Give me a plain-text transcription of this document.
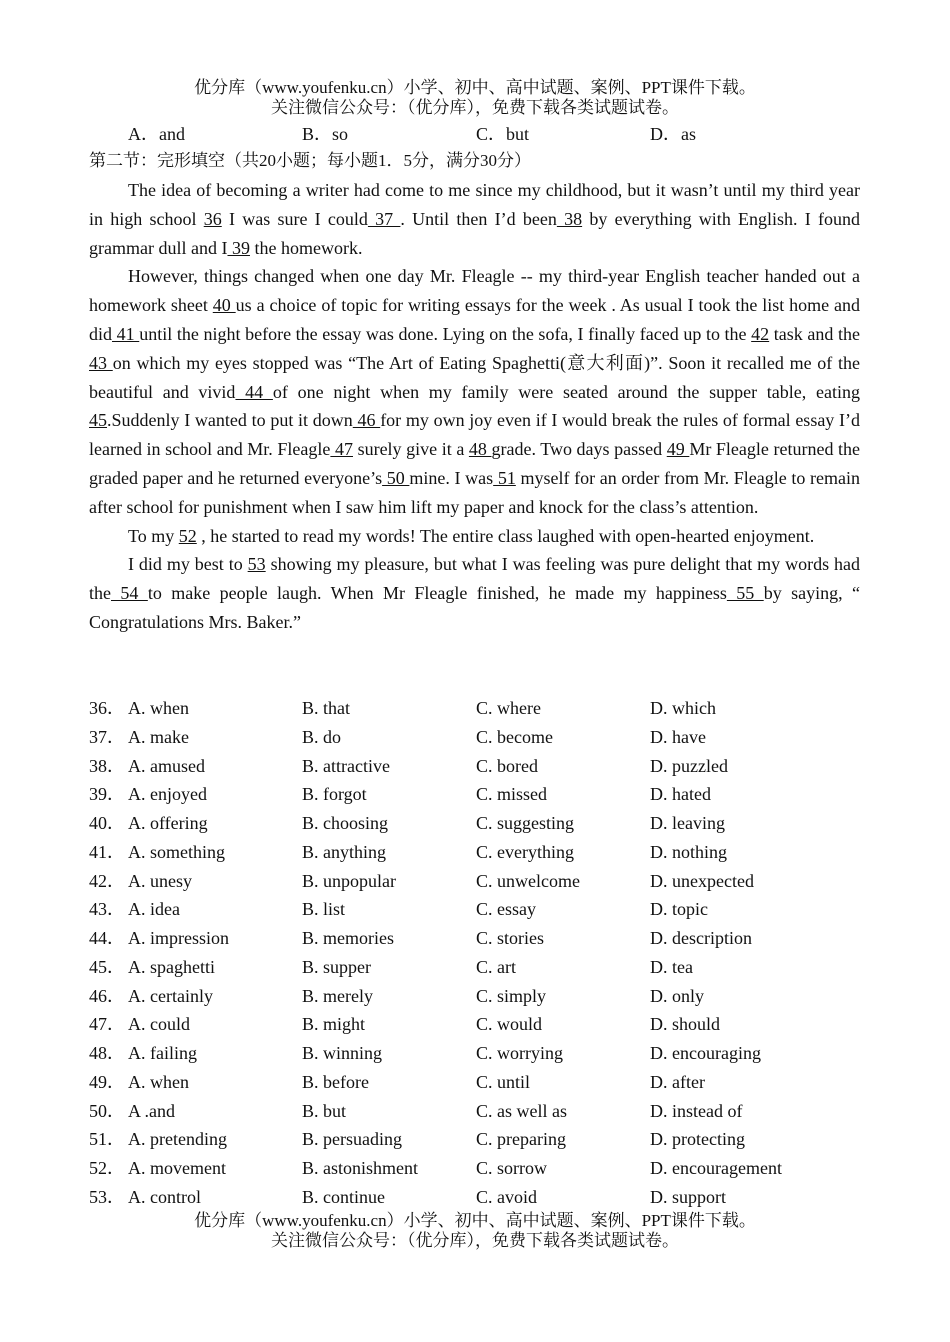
优分库（www.youfenku.cn）小学、初中、高中试题、案例、PPT课件下载。
关注微信公众号：（优分库），免费下载各类试题试卷。
A．and	B．so	C．but	D．as
第二节：完形填空（共20小题；每小题1．5分，满分30分）

The idea of becoming a writer had come to me since my childhood, but it wasn’t until my third year in high school 36 I was sure I could 37 . Until then I’d been 38 by everything with English. I found grammar dull and I 39 the homework.

However, things changed when one day Mr. Fleagle -- my third-year English teacher handed out a homework sheet 40 us a choice of topic for writing essays for the week . As usual I took the list home and did 41 until the night before the essay was done. Lying on the sofa, I finally faced up to the 42 task and the 43 on which my eyes stopped was “The Art of Eating Spaghetti(意大利面)”. Soon it recalled me of the beautiful and vivid 44 of one night when my family were seated around the supper table, eating 45.Suddenly I wanted to put it down 46 for my own joy even if I would break the rules of formal essay I’d learned in school and Mr. Fleagle 47 surely give it a 48 grade. Two days passed 49 Mr Fleagle returned the graded paper and he returned everyone’s 50 mine. I was 51 myself for an order from Mr. Fleagle to remain after school for punishment when I saw him lift my paper and knock for the class’s attention.

To my 52 , he started to read my words! The entire class laughed with open-hearted enjoyment.

I did my best to 53 showing my pleasure, but what I was feeling was pure delight that my words had the 54 to make people laugh. When Mr Fleagle finished, he made my happiness 55 by saying, “ Congratulations Mrs. Baker.”

36． A. when	B. that	C. where	D. which
37． A. make	B. do	C. become	D. have
38． A. amused	B. attractive	C. bored	D. puzzled
39． A. enjoyed	B. forgot	C. missed	D. hated
40． A. offering	B. choosing	C. suggesting	D. leaving
41． A. something	B. anything	C. everything	D. nothing
42． A. unesy	B. unpopular	C. unwelcome	D. unexpected
43． A. idea	B. list	C. essay	D. topic
44． A. impression	B. memories	C. stories	D. description
45． A. spaghetti	B. supper	C. art	D. tea
46． A. certainly	B. merely	C. simply	D. only
47． A. could	B. might	C. would	D. should
48． A. failing	B. winning	C. worrying	D. encouraging
49． A. when	B. before	C. until	D. after
50． A .and	B. but	C. as well as	D. instead of
51． A. pretending	B. persuading	C. preparing	D. protecting
52． A. movement	B. astonishment	C. sorrow	D. encouragement
53． A. control	B. continue	C. avoid	D. support
优分库（www.youfenku.cn）小学、初中、高中试题、案例、PPT课件下载。
关注微信公众号：（优分库），免费下载各类试题试卷。
